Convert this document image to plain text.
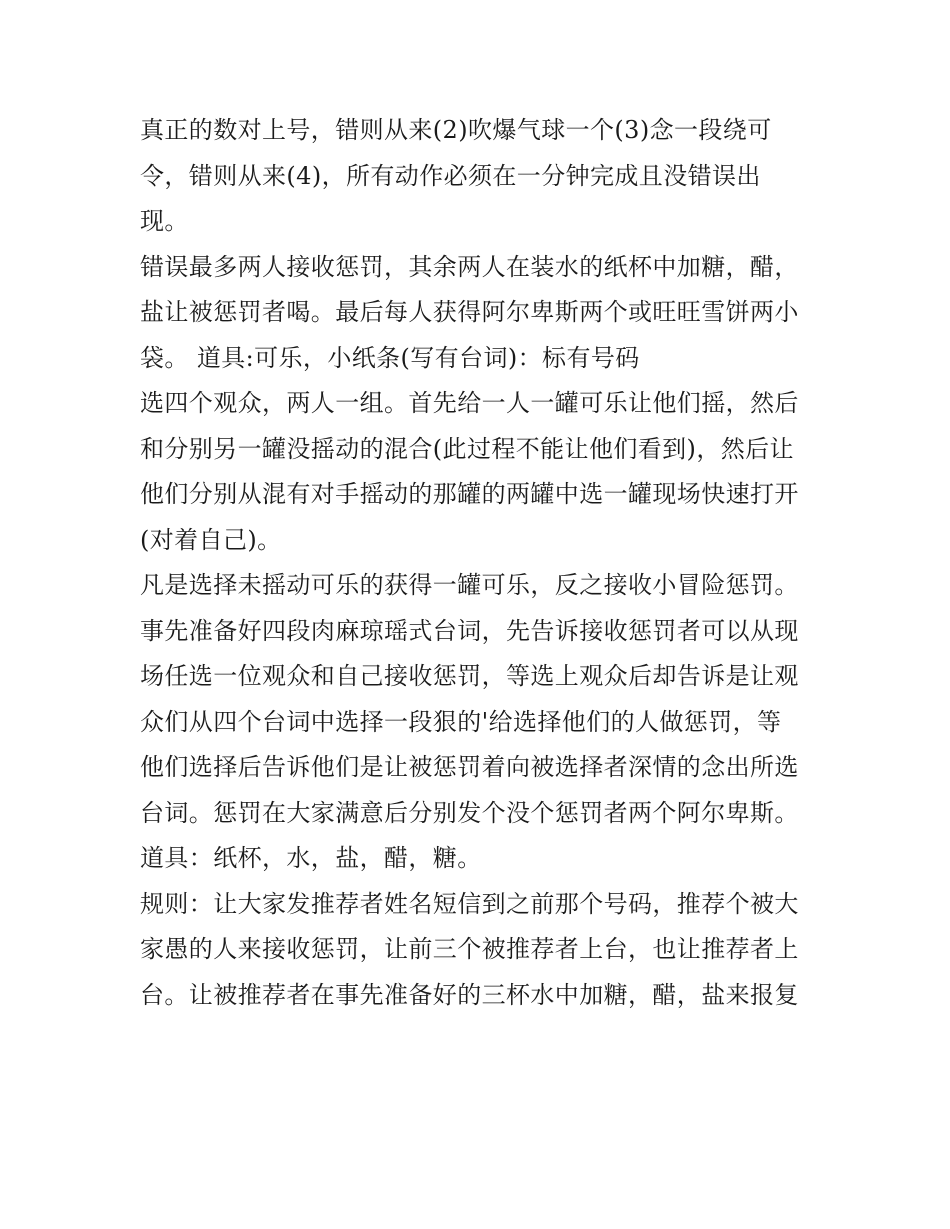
真正的数对上号，错则从来(2)吹爆气球一个(3)念一段绕可
令，错则从来(4)，所有动作必须在一分钟完成且没错误出
现。
错误最多两人接收惩罚，其余两人在装水的纸杯中加糖，醋，
盐让被惩罚者喝。最后每人获得阿尔卑斯两个或旺旺雪饼两小
袋。 道具:可乐，小纸条(写有台词)：标有号码
选四个观众，两人一组。首先给一人一罐可乐让他们摇，然后
和分别另一罐没摇动的混合(此过程不能让他们看到)，然后让
他们分别从混有对手摇动的那罐的两罐中选一罐现场快速打开
(对着自己)。
凡是选择未摇动可乐的获得一罐可乐，反之接收小冒险惩罚。
事先准备好四段肉麻琼瑶式台词，先告诉接收惩罚者可以从现
场任选一位观众和自己接收惩罚，等选上观众后却告诉是让观
众们从四个台词中选择一段狠的'给选择他们的人做惩罚，等
他们选择后告诉他们是让被惩罚着向被选择者深情的念出所选
台词。惩罚在大家满意后分别发个没个惩罚者两个阿尔卑斯。
道具：纸杯，水，盐，醋，糖。
规则：让大家发推荐者姓名短信到之前那个号码，推荐个被大
家愚的人来接收惩罚，让前三个被推荐者上台，也让推荐者上
台。让被推荐者在事先准备好的三杯水中加糖，醋，盐来报复
